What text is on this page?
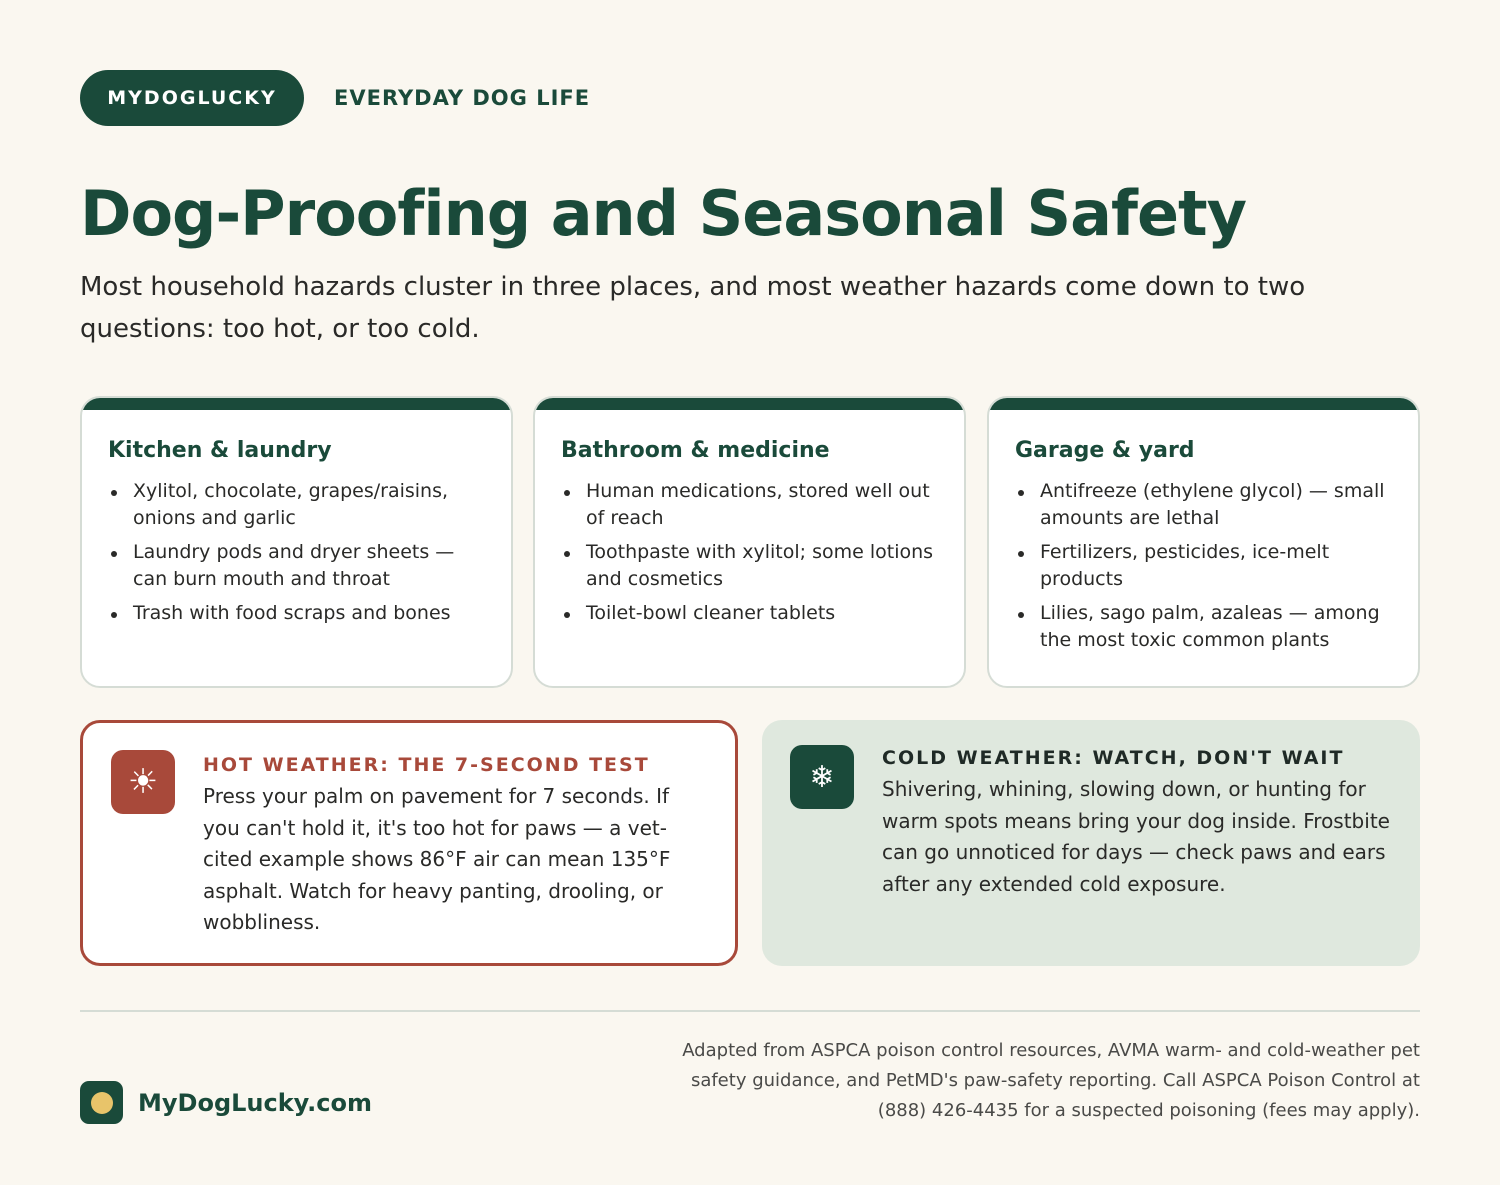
MYDOGLUCKY	EVERYDAY DOG LIFE
Dog-Proofing and Seasonal Safety

Most household hazards cluster in three places, and most weather hazards come down to two questions: too hot, or too cold.

Kitchen & laundry
Xylitol, chocolate, grapes/raisins, onions and garlic
Laundry pods and dryer sheets — can burn mouth and throat
Trash with food scraps and bones
Bathroom & medicine
Human medications, stored well out of reach
Toothpaste with xylitol; some lotions and cosmetics
Toilet-bowl cleaner tablets
Garage & yard
Antifreeze (ethylene glycol) — small amounts are lethal
Fertilizers, pesticides, ice-melt products
Lilies, sago palm, azaleas — among the most toxic common plants
☀	HOT WEATHER: THE 7-SECOND TEST

Press your palm on pavement for 7 seconds. If you can't hold it, it's too hot for paws — a vet-cited example shows 86°F air can mean 135°F asphalt. Watch for heavy panting, drooling, or wobbliness.

❄
COLD WEATHER: WATCH, DON'T WAIT

Shivering, whining, slowing down, or hunting for warm spots means bring your dog inside. Frostbite can go unnoticed for days — check paws and ears after any extended cold exposure.

MyDogLucky.com

Adapted from ASPCA poison control resources, AVMA warm- and cold-weather pet safety guidance, and PetMD's paw-safety reporting. Call ASPCA Poison Control at (888) 426-4435 for a suspected poisoning (fees may apply).
